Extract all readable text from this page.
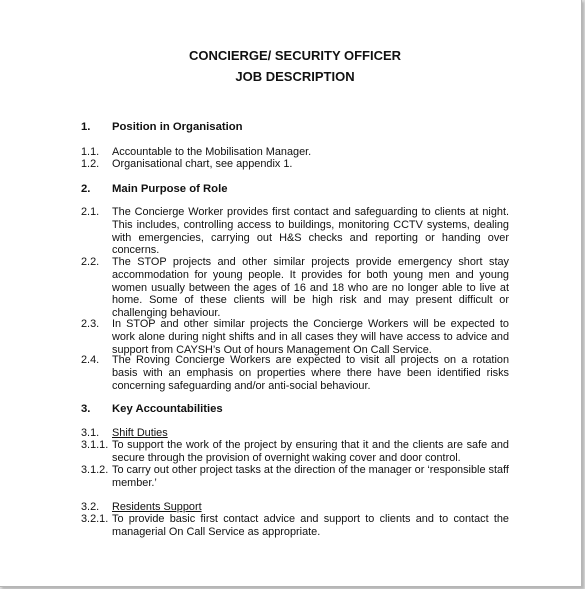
CONCIERGE/ SECURITY OFFICER
JOB DESCRIPTION
1. Position in Organisation
1.1. Accountable to the Mobilisation Manager.
1.2. Organisational chart, see appendix 1.
2. Main Purpose of Role
2.1. The Concierge Worker provides first contact and safeguarding to clients at night. This includes, controlling access to buildings, monitoring CCTV systems, dealing with emergencies, carrying out H&S checks and reporting or handing over concerns.
2.2. The STOP projects and other similar projects provide emergency short stay accommodation for young people. It provides for both young men and young women usually between the ages of 16 and 18 who are no longer able to live at home. Some of these clients will be high risk and may present difficult or challenging behaviour.
2.3. In STOP and other similar projects the Concierge Workers will be expected to work alone during night shifts and in all cases they will have access to advice and support from CAYSH’s Out of hours Management On Call Service.
2.4. The Roving Concierge Workers are expected to visit all projects on a rotation basis with an emphasis on properties where there have been identified risks concerning safeguarding and/or anti-social behaviour.
3. Key Accountabilities
3.1. Shift Duties
3.1.1. To support the work of the project by ensuring that it and the clients are safe and secure through the provision of overnight waking cover and door control.
3.1.2. To carry out other project tasks at the direction of the manager or ‘responsible staff member.’
3.2. Residents Support
3.2.1. To provide basic first contact advice and support to clients and to contact the managerial On Call Service as appropriate.
